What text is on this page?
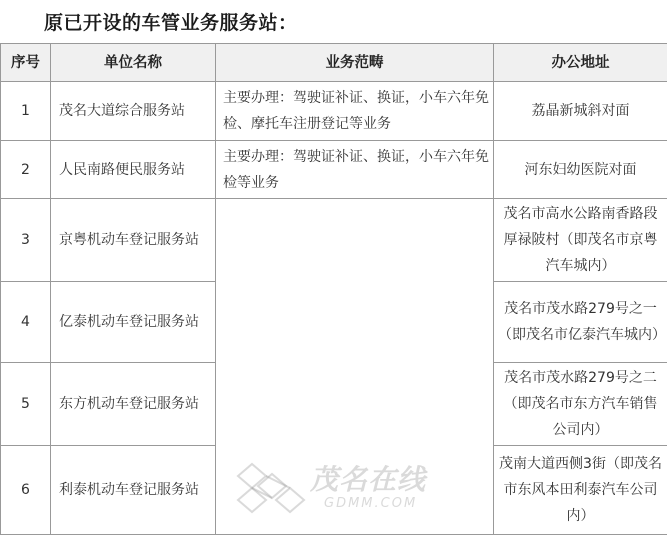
原已开设的车管业务服务站：
序号	单位名称	业务范畴	办公地址
1	茂名大道综合服务站	主要办理：驾驶证补证、换证，小车六年免检、摩托车注册登记等业务	荔晶新城斜对面
2	人民南路便民服务站	主要办理：驾驶证补证、换证，小车六年免检等业务	河东妇幼医院对面
3	京粤机动车登记服务站		茂名市高水公路南香路段厚禄陂村（即茂名市京粤汽车城内）
4	亿泰机动车登记服务站		茂名市茂水路279号之一（即茂名市亿泰汽车城内）
5	东方机动车登记服务站		茂名市茂水路279号之二（即茂名市东方汽车销售公司内）
6	利泰机动车登记服务站		茂南大道西侧3街（即茂名市东风本田利泰汽车公司内）
茂名在线
GDMM.COM
